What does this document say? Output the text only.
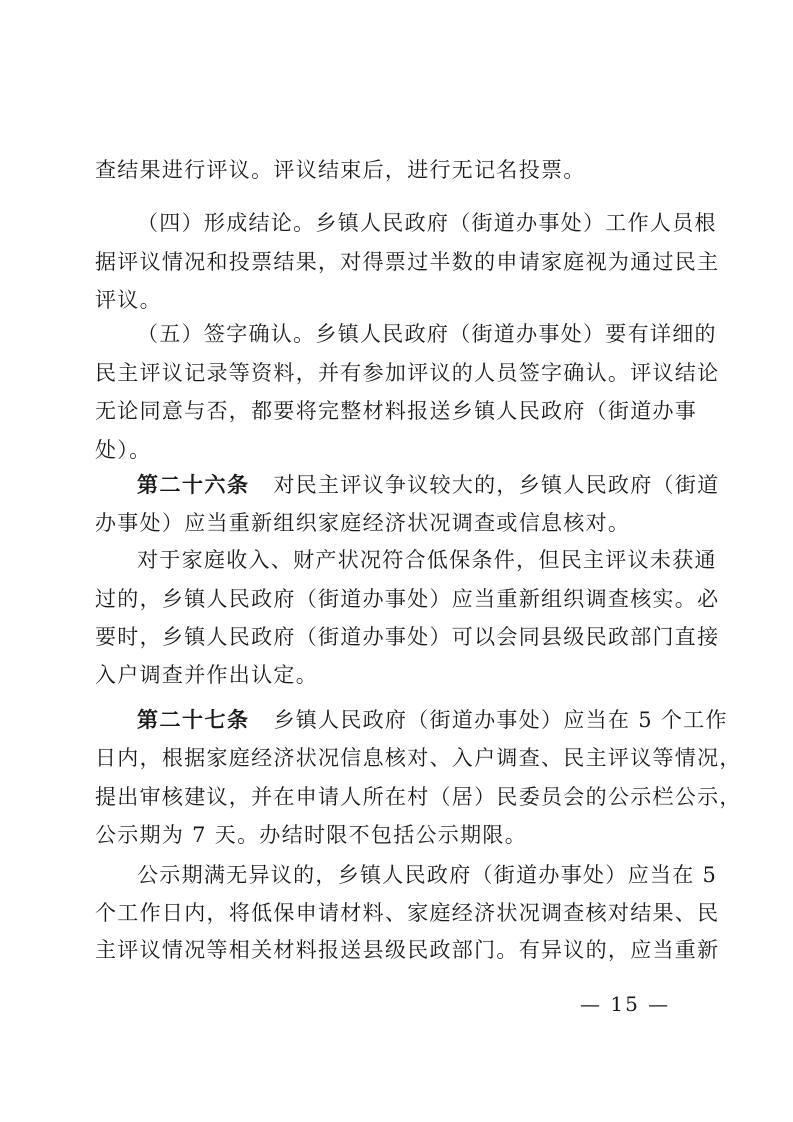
查结果进行评议。评议结束后，进行无记名投票。
（四）形成结论。乡镇人民政府（街道办事处）工作人员根
据评议情况和投票结果，对得票过半数的申请家庭视为通过民主
评议。
（五）签字确认。乡镇人民政府（街道办事处）要有详细的
民主评议记录等资料，并有参加评议的人员签字确认。评议结论
无论同意与否，都要将完整材料报送乡镇人民政府（街道办事
处）。
第二十六条 对民主评议争议较大的，乡镇人民政府（街道
办事处）应当重新组织家庭经济状况调查或信息核对。
对于家庭收入、财产状况符合低保条件，但民主评议未获通
过的，乡镇人民政府（街道办事处）应当重新组织调查核实。必
要时，乡镇人民政府（街道办事处）可以会同县级民政部门直接
入户调查并作出认定。
第二十七条 乡镇人民政府（街道办事处）应当在 5 个工作
日内，根据家庭经济状况信息核对、入户调查、民主评议等情况，
提出审核建议，并在申请人所在村（居）民委员会的公示栏公示，
公示期为 7 天。办结时限不包括公示期限。
公示期满无异议的，乡镇人民政府（街道办事处）应当在 5
个工作日内，将低保申请材料、家庭经济状况调查核对结果、民
主评议情况等相关材料报送县级民政部门。有异议的，应当重新
— 15 —
